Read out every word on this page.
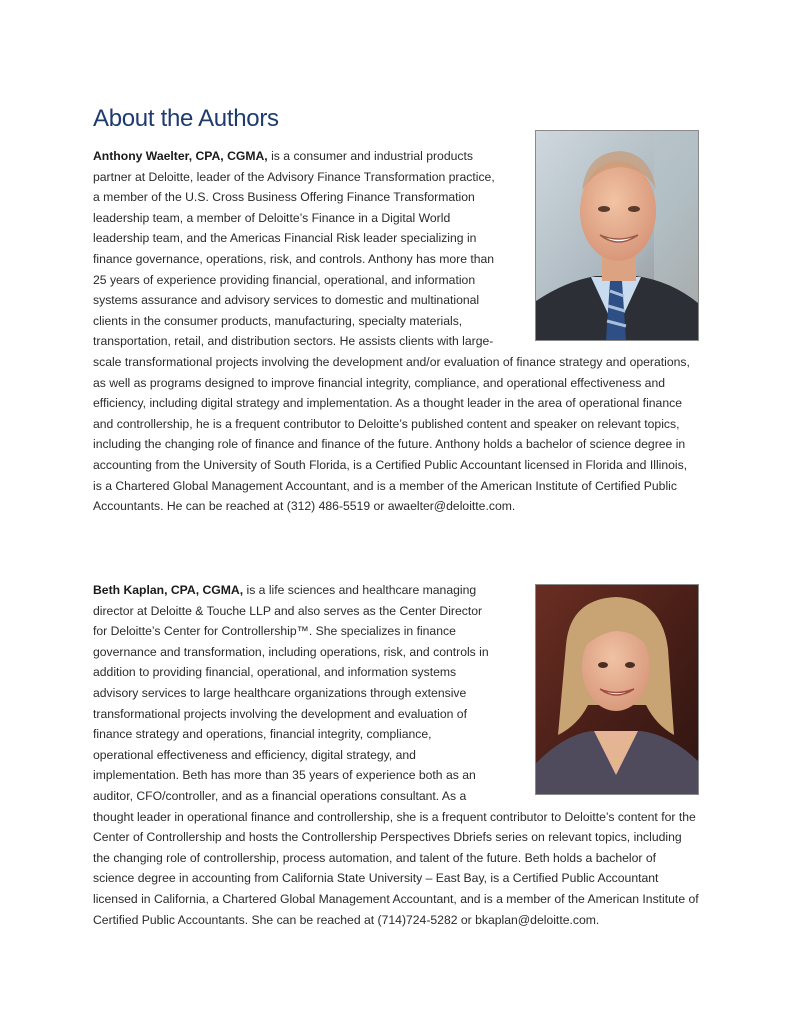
About the Authors

Anthony Waelter, CPA, CGMA, is a consumer and industrial products partner at Deloitte, leader of the Advisory Finance Transformation practice, a member of the U.S. Cross Business Offering Finance Transformation leadership team, a member of Deloitte’s Finance in a Digital World leadership team, and the Americas Financial Risk leader specializing in finance governance, operations, risk, and controls. Anthony has more than 25 years of experience providing financial, operational, and information systems assurance and advisory services to domestic and multinational clients in the consumer products, manufacturing, specialty materials, transportation, retail, and distribution sectors. He assists clients with large-scale transformational projects involving the development and/or evaluation of finance strategy and operations, as well as programs designed to improve financial integrity, compliance, and operational effectiveness and efficiency, including digital strategy and implementation. As a thought leader in the area of operational finance and controllership, he is a frequent contributor to Deloitte’s published content and speaker on relevant topics, including the changing role of finance and finance of the future. Anthony holds a bachelor of science degree in accounting from the University of South Florida, is a Certified Public Accountant licensed in Florida and Illinois, is a Chartered Global Management Accountant, and is a member of the American Institute of Certified Public Accountants. He can be reached at (312) 486-5519 or awaelter@deloitte.com.

Beth Kaplan, CPA, CGMA, is a life sciences and healthcare managing director at Deloitte & Touche LLP and also serves as the Center Director for Deloitte’s Center for Controllership™. She specializes in finance governance and transformation, including operations, risk, and controls in addition to providing financial, operational, and information systems advisory services to large healthcare organizations through extensive transformational projects involving the development and evaluation of finance strategy and operations, financial integrity, compliance, operational effectiveness and efficiency, digital strategy, and implementation. Beth has more than 35 years of experience both as an auditor, CFO/controller, and as a financial operations consultant. As a thought leader in operational finance and controllership, she is a frequent contributor to Deloitte’s content for the Center of Controllership and hosts the Controllership Perspectives Dbriefs series on relevant topics, including the changing role of controllership, process automation, and talent of the future. Beth holds a bachelor of science degree in accounting from California State University – East Bay, is a Certified Public Accountant licensed in California, a Chartered Global Management Accountant, and is a member of the American Institute of Certified Public Accountants. She can be reached at (714)724-5282 or bkaplan@deloitte.com.
